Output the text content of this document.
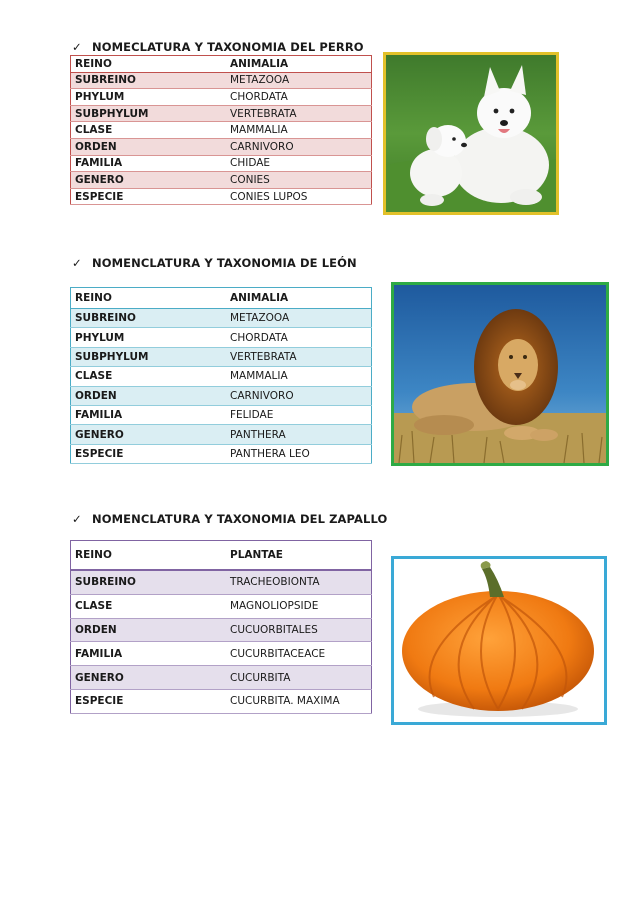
✓ NOMECLATURA Y TAXONOMIA DEL PERRO
REINO	ANIMALIA
SUBREINO	METAZOOA
PHYLUM	CHORDATA
SUBPHYLUM	VERTEBRATA
CLASE	MAMMALIA
ORDEN	CARNIVORO
FAMILIA	CHIDAE
GENERO	CONIES
ESPECIE	CONIES LUPOS
✓ NOMENCLATURA Y TAXONOMIA DE LEÓN
REINO	ANIMALIA
SUBREINO	METAZOOA
PHYLUM	CHORDATA
SUBPHYLUM	VERTEBRATA
CLASE	MAMMALIA
ORDEN	CARNIVORO
FAMILIA	FELIDAE
GENERO	PANTHERA
ESPECIE	PANTHERA LEO
✓ NOMENCLATURA Y TAXONOMIA DEL ZAPALLO
REINO	PLANTAE
SUBREINO	TRACHEOBIONTA
CLASE	MAGNOLIOPSIDE
ORDEN	CUCUORBITALES
FAMILIA	CUCURBITACEACE
GENERO	CUCURBITA
ESPECIE	CUCURBITA. MAXIMA
